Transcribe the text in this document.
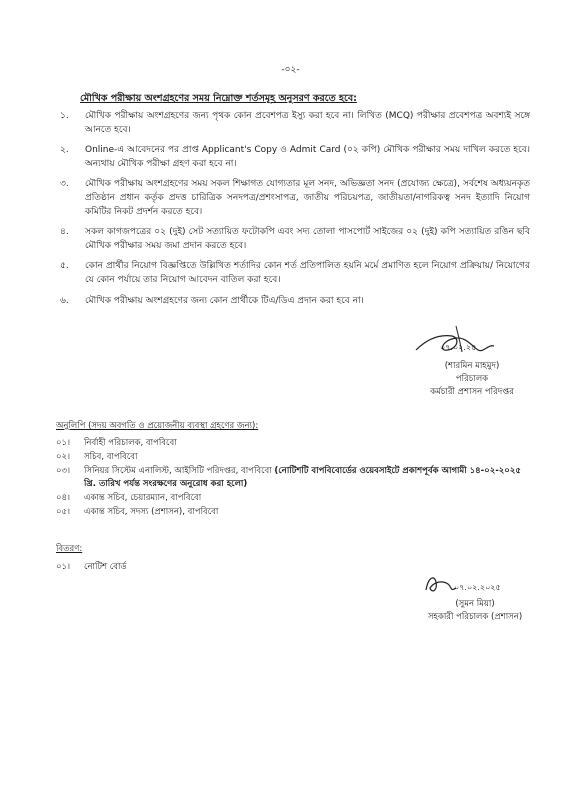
-০২-
মৌখিক পরীক্ষায় অংশগ্রহণের সময় নিম্নোক্ত শর্তসমূহ অনুসরণ করতে হবে:
১.	মৌখিক পরীক্ষায় অংশগ্রহণের জন্য পৃথক কোন প্রবেশপত্র ইস্যু করা হবে না। লিখিত (MCQ) পরীক্ষার প্রবেশপত্র অবশ্যই সঙ্গে আনতে হবে।
২.	Online-এ আবেদনের পর প্রাপ্ত Applicant's Copy ও Admit Card (০২ কপি) মৌখিক পরীক্ষার সময় দাখিল করতে হবে। অন্যথায় মৌখিক পরীক্ষা গ্রহণ করা হবে না।
৩.	মৌখিক পরীক্ষায় অংশগ্রহণের সময় সকল শিক্ষাগত যোগ্যতার মূল সনদ, অভিজ্ঞতা সনদ (প্রযোজ্য ক্ষেত্রে), সর্বশেষ অধ্যয়নকৃত প্রতিষ্ঠান প্রধান কর্তৃক প্রদত্ত চারিত্রিক সনদপত্র/প্রশংসাপত্র, জাতীয় পরিচয়পত্র, জাতীয়তা/নাগরিকত্ব সনদ ইত্যাদি নিয়োগ কমিটির নিকট প্রদর্শন করতে হবে।
৪.	সকল কাগজপত্রের ০২ (দুই) সেট সত্যায়িত ফটোকপি এবং সদ্য তোলা পাসপোর্ট সাইজের ০২ (দুই) কপি সত্যায়িত রঙিন ছবি মৌখিক পরীক্ষার সময় জমা প্রদান করতে হবে।
৫.	কোন প্রার্থীর নিয়োগ বিজ্ঞপ্তিতে উল্লিখিত শর্তাদির কোন শর্ত প্রতিপালিত হয়নি মর্মে প্রমাণিত হলে নিয়োগ প্রক্রিয়ায়/ নিয়োগের যে কোন পর্যায়ে তার নিয়োগ আবেদন বাতিল করা হবে।
৬.	মৌখিক পরীক্ষায় অংশগ্রহণের জন্য কোন প্রার্থীকে টিএ/ডিএ প্রদান করা হবে না।
০৭.০২.২৫
(শারমিন মাহমুদ)
পরিচালক
কর্মচারী প্রশাসন পরিদপ্তর
অনুলিপি (সদয় অবগতি ও প্রয়োজনীয় ব্যবস্থা গ্রহণের জন্য):
০১।	নির্বাহী পরিচালক, বাপবিবো
০২।	সচিব, বাপবিবো
০৩।	সিনিয়র সিস্টেম এনালিস্ট, আইসিটি পরিদপ্তর, বাপবিবো (নোটিশটি বাপবিবোর্ডের ওয়েবসাইটে প্রকাশপূর্বক আগামী ১৪-০২-২০২৫ খ্রি. তারিখ পর্যন্ত সংরক্ষণের অনুরোধ করা হলো)
০৪।	একান্ত সচিব, চেয়ারম্যান, বাপবিবো
০৫।	একান্ত সচিব, সদস্য (প্রশাসন), বাপবিবো
বিতরণ:
০১।	নোটিশ বোর্ড
০৭.০২.২০২৫
(সুমন মিয়া)
সহকারী পরিচালক (প্রশাসন)
